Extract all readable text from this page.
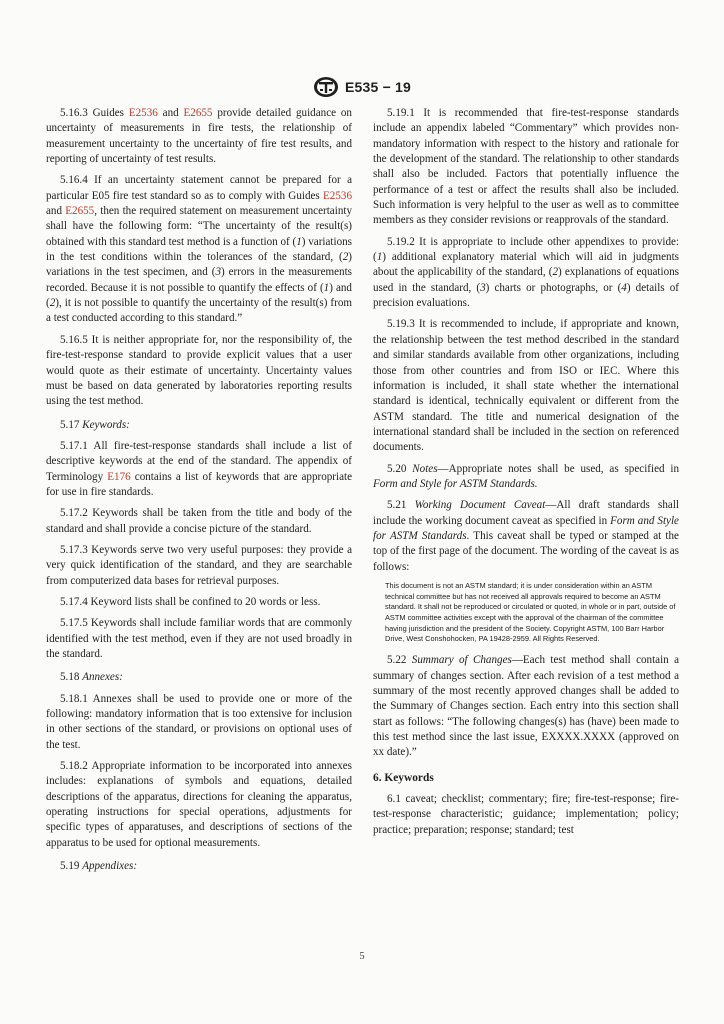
E535 − 19

5.16.3 Guides E2536 and E2655 provide detailed guidance on uncertainty of measurements in fire tests, the relationship of measurement uncertainty to the uncertainty of fire test results, and reporting of uncertainty of test results.

5.16.4 If an uncertainty statement cannot be prepared for a particular E05 fire test standard so as to comply with Guides E2536 and E2655, then the required statement on measurement uncertainty shall have the following form: “The uncertainty of the result(s) obtained with this standard test method is a function of (1) variations in the test conditions within the tolerances of the standard, (2) variations in the test specimen, and (3) errors in the measurements recorded. Because it is not possible to quantify the effects of (1) and (2), it is not possible to quantify the uncertainty of the result(s) from a test conducted according to this standard.”

5.16.5 It is neither appropriate for, nor the responsibility of, the fire-test-response standard to provide explicit values that a user would quote as their estimate of uncertainty. Uncertainty values must be based on data generated by laboratories reporting results using the test method.

5.17 Keywords:

5.17.1 All fire-test-response standards shall include a list of descriptive keywords at the end of the standard. The appendix of Terminology E176 contains a list of keywords that are appropriate for use in fire standards.

5.17.2 Keywords shall be taken from the title and body of the standard and shall provide a concise picture of the standard.

5.17.3 Keywords serve two very useful purposes: they provide a very quick identification of the standard, and they are searchable from computerized data bases for retrieval purposes.

5.17.4 Keyword lists shall be confined to 20 words or less.

5.17.5 Keywords shall include familiar words that are commonly identified with the test method, even if they are not used broadly in the standard.

5.18 Annexes:

5.18.1 Annexes shall be used to provide one or more of the following: mandatory information that is too extensive for inclusion in other sections of the standard, or provisions on optional uses of the test.

5.18.2 Appropriate information to be incorporated into annexes includes: explanations of symbols and equations, detailed descriptions of the apparatus, directions for cleaning the apparatus, operating instructions for special operations, adjustments for specific types of apparatuses, and descriptions of sections of the apparatus to be used for optional measurements.

5.19 Appendixes:

5.19.1 It is recommended that fire-test-response standards include an appendix labeled “Commentary” which provides non-mandatory information with respect to the history and rationale for the development of the standard. The relationship to other standards shall also be included. Factors that potentially influence the performance of a test or affect the results shall also be included. Such information is very helpful to the user as well as to committee members as they consider revisions or reapprovals of the standard.

5.19.2 It is appropriate to include other appendixes to provide: (1) additional explanatory material which will aid in judgments about the applicability of the standard, (2) explanations of equations used in the standard, (3) charts or photographs, or (4) details of precision evaluations.

5.19.3 It is recommended to include, if appropriate and known, the relationship between the test method described in the standard and similar standards available from other organizations, including those from other countries and from ISO or IEC. Where this information is included, it shall state whether the international standard is identical, technically equivalent or different from the ASTM standard. The title and numerical designation of the international standard shall be included in the section on referenced documents.

5.20 Notes—Appropriate notes shall be used, as specified in Form and Style for ASTM Standards.

5.21 Working Document Caveat—All draft standards shall include the working document caveat as specified in Form and Style for ASTM Standards. This caveat shall be typed or stamped at the top of the first page of the document. The wording of the caveat is as follows:

This document is not an ASTM standard; it is under consideration within an ASTM technical committee but has not received all approvals required to become an ASTM standard. It shall not be reproduced or circulated or quoted, in whole or in part, outside of ASTM committee activities except with the approval of the chairman of the committee having jurisdiction and the president of the Society. Copyright ASTM, 100 Barr Harbor Drive, West Conshohocken, PA 19428-2959. All Rights Reserved.

5.22 Summary of Changes—Each test method shall contain a summary of changes section. After each revision of a test method a summary of the most recently approved changes shall be added to the Summary of Changes section. Each entry into this section shall start as follows: “The following changes(s) has (have) been made to this test method since the last issue, EXXXX.XXXX (approved on xx date).”

6. Keywords

6.1 caveat; checklist; commentary; fire; fire-test-response; fire-test-response characteristic; guidance; implementation; policy; practice; preparation; response; standard; test

5
